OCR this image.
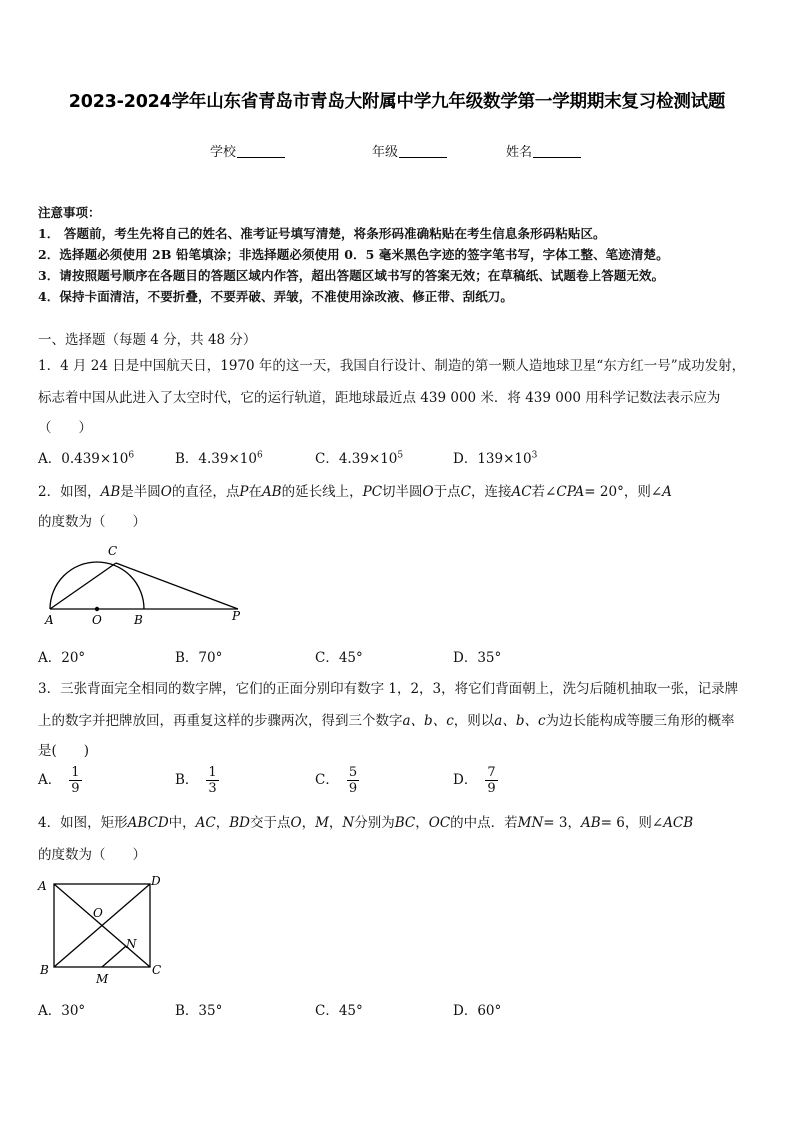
2023-2024学年山东省青岛市青岛大附属中学九年级数学第一学期期末复习检测试题
学校	年级	姓名
注意事项：
1． 答题前，考生先将自己的姓名、准考证号填写清楚，将条形码准确粘贴在考生信息条形码粘贴区。
2．选择题必须使用 2B 铅笔填涂；非选择题必须使用 0．5 毫米黑色字迹的签字笔书写，字体工整、笔迹清楚。
3．请按照题号顺序在各题目的答题区域内作答，超出答题区域书写的答案无效；在草稿纸、试题卷上答题无效。
4．保持卡面清洁，不要折叠，不要弄破、弄皱，不准使用涂改液、修正带、刮纸刀。
一、选择题（每题 4 分，共 48 分）
1．4 月 24 日是中国航天日，1970 年的这一天，我国自行设计、制造的第一颗人造地球卫星“东方红一号”成功发射，
标志着中国从此进入了太空时代，它的运行轨道，距地球最近点 439 000 米．将 439 000 用科学记数法表示应为
（　　）
A．$0.439\times 10^6$	B．$4.39\times 10^6$	C．$4.39\times 10^5$	D．$139\times 10^3$
2．如图，AB是半圆O的直径，点P在AB的延长线上，PC切半圆O于点C，连接AC若∠CPA= 20°，则∠A
的度数为（　　）
A	O	B
C
P
A．20°	B．70°	C．45°	D．35°
3．三张背面完全相同的数字牌，它们的正面分别印有数字 1，2，3，将它们背面朝上，洗匀后随机抽取一张，记录牌
上的数字并把牌放回，再重复这样的步骤两次，得到三个数字a、b、c，则以a、b、c为边长能构成等腰三角形的概率
是(　　)
A． $\frac{1}{9}$	B． $\frac{1}{3}$	C． $\frac{5}{9}$	D． $\frac{7}{9}$
4．如图，矩形ABCD中，AC，BD交于点O，M，N分别为BC，OC的中点．若MN= 3，AB= 6，则∠ACB
的度数为（　　）
A	D
B	C
O
N
M
A．30°	B．35°	C．45°	D．60°
